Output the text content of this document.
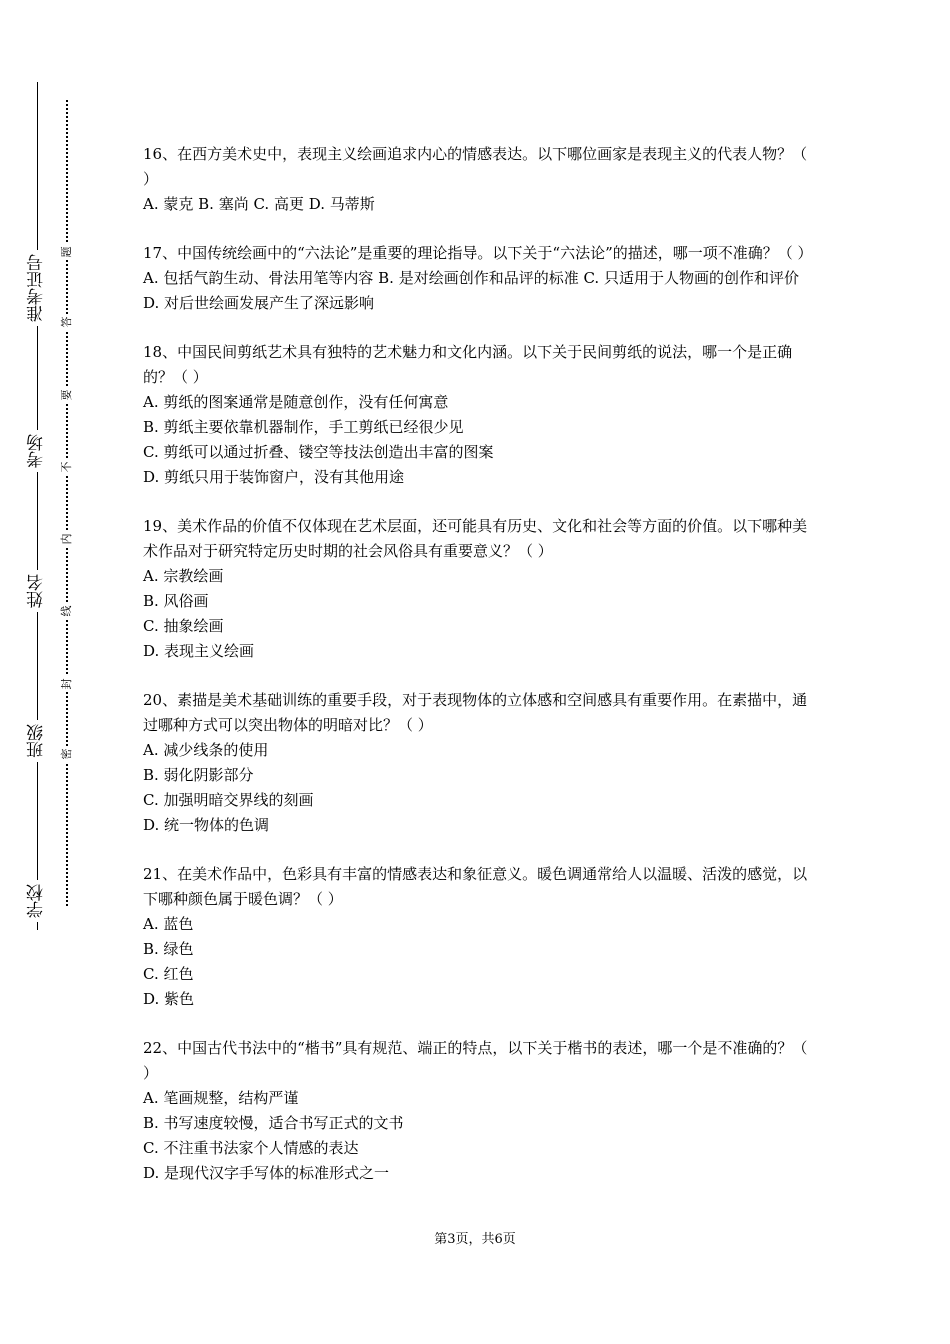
准考证号
考场
姓名
班级
学校
题
答
要
不
内
线
封
密

16、在西方美术史中，表现主义绘画追求内心的情感表达。以下哪位画家是表现主义的代表人物？（ ）

A. 蒙克 B. 塞尚 C. 高更 D. 马蒂斯

17、中国传统绘画中的“六法论”是重要的理论指导。以下关于“六法论”的描述，哪一项不准确？（ ）

A. 包括气韵生动、骨法用笔等内容 B. 是对绘画创作和品评的标准 C. 只适用于人物画的创作和评价 D. 对后世绘画发展产生了深远影响

18、中国民间剪纸艺术具有独特的艺术魅力和文化内涵。以下关于民间剪纸的说法，哪一个是正确的？（ ）

A. 剪纸的图案通常是随意创作，没有任何寓意

B. 剪纸主要依靠机器制作，手工剪纸已经很少见

C. 剪纸可以通过折叠、镂空等技法创造出丰富的图案

D. 剪纸只用于装饰窗户，没有其他用途

19、美术作品的价值不仅体现在艺术层面，还可能具有历史、文化和社会等方面的价值。以下哪种美术作品对于研究特定历史时期的社会风俗具有重要意义？（ ）

A. 宗教绘画

B. 风俗画

C. 抽象绘画

D. 表现主义绘画

20、素描是美术基础训练的重要手段，对于表现物体的立体感和空间感具有重要作用。在素描中，通过哪种方式可以突出物体的明暗对比？（ ）

A. 减少线条的使用

B. 弱化阴影部分

C. 加强明暗交界线的刻画

D. 统一物体的色调

21、在美术作品中，色彩具有丰富的情感表达和象征意义。暖色调通常给人以温暖、活泼的感觉，以下哪种颜色属于暖色调？（ ）

A. 蓝色

B. 绿色

C. 红色

D. 紫色

22、中国古代书法中的“楷书”具有规范、端正的特点，以下关于楷书的表述，哪一个是不准确的？（ ）

A. 笔画规整，结构严谨

B. 书写速度较慢，适合书写正式的文书

C. 不注重书法家个人情感的表达

D. 是现代汉字手写体的标准形式之一

第3页，共6页
